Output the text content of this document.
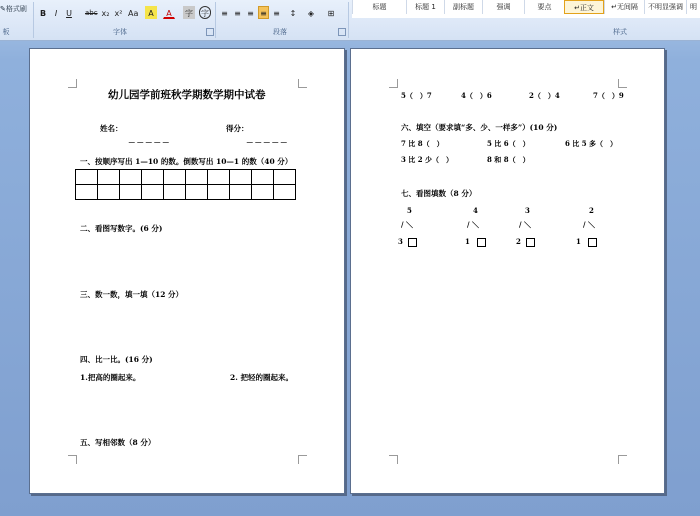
✎格式刷 B	I	U abc x₂ x² Aa	A	A	字 字
字体
≡ ≡ ≡ ≡ ≡	↕	◈	⊞
段落
板
标题	标题 1	副标题	强调	要点	↵正文	↵无间隔	不明显强调	明
样式
幼儿园学前班秋学期数学期中试卷
姓名：	得分：
－－－－－	－－－－－
一、按顺序写出 1—10 的数。倒数写出 10—1 的数（40 分）

二、看图写数字。(6 分)
三、数一数，填一填（12 分）
四、比一比。(16 分)
1.把高的圈起来。	2. 把轻的圈起来。
五、写相邻数（8 分）
5（　）7	4（　）6	2（　）4	7（　）9
六、填空（要求填“多、少、一样多”）(10 分)
7 比 8（　）	5 比 6（　）	6 比 5 多（　）
3 比 2 少（　）	8 和 8（　）
七、看图填数（8 分）
5	4	3	2
/ ＼	/ ＼	/ ＼	/ ＼
3	1	2	1
